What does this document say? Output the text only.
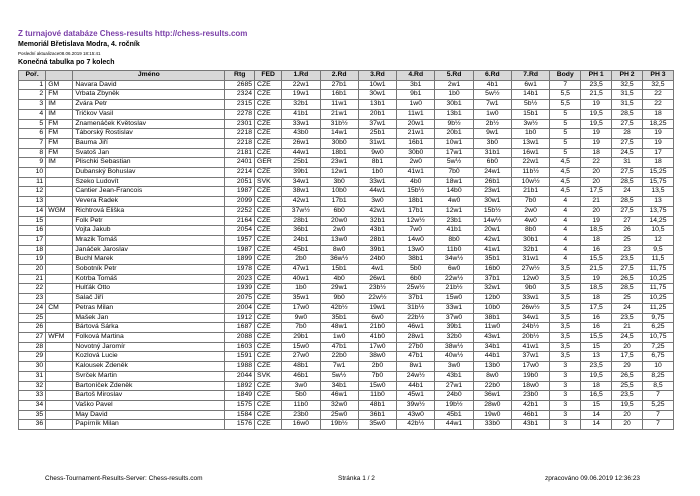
Z turnajové databáze Chess-results http://chess-results.com
Memoriál Břetislava Modra, 4. ročník
Poslední aktualizace08.06.2019 18:15:41
Konečná tabulka po 7 kolech
Poř.		Jméno	Rtg	FED	1.Rd	2.Rd	3.Rd	4.Rd	5.Rd	6.Rd	7.Rd	Body	PH 1	PH 2	PH 3
1	GM	Navara David	2685	CZE	22w1	27b1	10w1	3b1	2w1	4b1	6w1	7	23,5	32,5	32,5
2	FM	Vrbata Zbyněk	2324	CZE	19w1	16b1	30w1	9b1	1b0	5w½	14b1	5,5	21,5	31,5	22
3	IM	Zvára Petr	2315	CZE	32b1	11w1	13b1	1w0	30b1	7w1	5b½	5,5	19	31,5	22
4	IM	Tričkov Vasil	2278	CZE	41b1	21w1	20b1	11w1	13b1	1w0	15b1	5	19,5	28,5	18
5	FM	Znamenáček Květoslav	2301	CZE	33w1	31b½	37w1	20w1	9b½	2b½	3w½	5	19,5	27,5	18,25
6	FM	Táborský Rostislav	2218	CZE	43b0	14w1	25b1	21w1	20b1	9w1	1b0	5	19	28	19
7	FM	Bauma Jiří	2218	CZE	26w1	30b0	31w1	16b1	10w1	3b0	13w1	5	19	27,5	19
8	FM	Svatoš Jan	2181	CZE	44w1	18b1	9w0	30b0	17w1	31b1	16w1	5	18	24,5	17
9	IM	Plischki Sebastian	2401	GER	25b1	23w1	8b1	2w0	5w½	6b0	22w1	4,5	22	31	18
10		Dubanský Bohuslav	2214	CZE	39b1	12w1	1b0	41w1	7b0	24w1	11b½	4,5	20	27,5	15,25
11		Szeko Ludovít	2051	SVK	34w1	3b0	33w1	4b0	18w1	26b1	10w½	4,5	20	28,5	15,75
12		Cantier Jean-Francois	1987	CZE	38w1	10b0	44w1	15b½	14b0	23w1	21b1	4,5	17,5	24	13,5
13		Vevera Radek	2099	CZE	42w1	17b1	3w0	18b1	4w0	30w1	7b0	4	21	28,5	13
14	WGM	Richtrová Eliška	2252	CZE	37w½	6b0	42w1	17b1	12w1	15b½	2w0	4	20	27,5	13,75
15		Folk Petr	2164	CZE	28b1	20w0	32b1	12w½	23b1	14w½	4w0	4	19	27	14,25
16		Vojta Jakub	2054	CZE	36b1	2w0	43b1	7w0	41b1	20w1	8b0	4	18,5	26	10,5
17		Mrazik Tomáš	1957	CZE	24b1	13w0	28b1	14w0	8b0	42w1	30b1	4	18	25	12
18		Janáček Jaroslav	1987	CZE	45b1	8w0	39b1	13w0	11b0	41w1	32b1	4	16	23	9,5
19		Buchl Marek	1899	CZE	2b0	36w½	24b0	38b1	34w½	35b1	31w1	4	15,5	23,5	11,5
20		Sobotník Petr	1978	CZE	47w1	15b1	4w1	5b0	6w0	16b0	27w½	3,5	21,5	27,5	11,75
21		Kotrba Tomáš	2023	CZE	40w1	4b0	26w1	6b0	22w½	37b1	12w0	3,5	19	26,5	10,25
22		Hulťák Otto	1939	CZE	1b0	29w1	23b½	25w½	21b½	32w1	9b0	3,5	18,5	28,5	11,75
23		Salač Jiří	2075	CZE	35w1	9b0	22w½	37b1	15w0	12b0	33w1	3,5	18	25	10,25
24	CM	Petras Milan	2004	CZE	17w0	42b½	19w1	31b½	33w1	10b0	26w½	3,5	17,5	24	11,25
25		Mašek Jan	1912	CZE	9w0	35b1	6w0	22b½	37w0	38b1	34w1	3,5	16	23,5	9,75
26		Bártová Šárka	1687	CZE	7b0	48w1	21b0	46w1	39b1	11w0	24b½	3,5	16	21	6,25
27	WFM	Folková Martina	2088	CZE	29b1	1w0	41b0	28w1	32b0	43w1	20b½	3,5	15,5	24,5	10,75
28		Novotný Jaromír	1603	CZE	15w0	47b1	17w0	27b0	38w½	34b1	41w1	3,5	15	20	7,25
29		Kozlová Lucie	1591	CZE	27w0	22b0	38w0	47b1	40w½	44b1	37w1	3,5	13	17,5	6,75
30		Kalousek Zdeněk	1988	CZE	48b1	7w1	2b0	8w1	3w0	13b0	17w0	3	23,5	29	10
31		Svrček Martin	2044	SVK	46b1	5w½	7b0	24w½	43b1	8w0	19b0	3	19,5	26,5	8,25
32		Bartoníček Zdeněk	1892	CZE	3w0	34b1	15w0	44b1	27w1	22b0	18w0	3	18	25,5	8,5
33		Bartoš Miroslav	1849	CZE	5b0	46w1	11b0	45w1	24b0	36w1	23b0	3	16,5	23,5	7
34		Vaško Pavel	1575	CZE	11b0	32w0	48b1	39w½	19b½	28w0	42b1	3	15	19,5	5,25
35		May David	1584	CZE	23b0	25w0	36b1	43w0	45b1	19w0	46b1	3	14	20	7
36		Papírník Milan	1576	CZE	16w0	19b½	35w0	42b½	44w1	33b0	43b1	3	14	20	7
Chess-Tournament-Results-Server: Chess-results.com	Stránka 1 / 2	zpracováno 09.06.2019 12:36:23
